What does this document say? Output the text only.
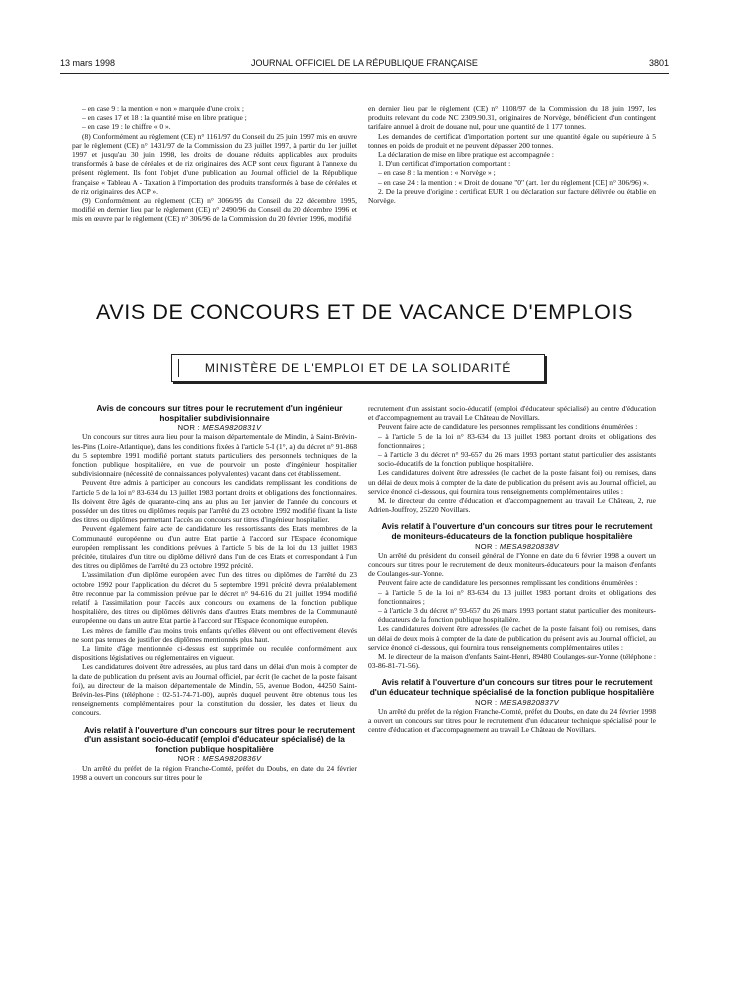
13 mars 1998	JOURNAL OFFICIEL DE LA RÉPUBLIQUE FRANÇAISE	3801

– en case 9 : la mention « non » marquée d'une croix ;

– en cases 17 et 18 : la quantité mise en libre pratique ;

– en case 19 : le chiffre « 0 ».

(8) Conformément au règlement (CE) n° 1161/97 du Conseil du 25 juin 1997 mis en œuvre par le règlement (CE) n° 1431/97 de la Commission du 23 juillet 1997, à partir du 1er juillet 1997 et jusqu'au 30 juin 1998, les droits de douane réduits applicables aux produits transformés à base de céréales et de riz originaires des ACP sont ceux figurant à l'annexe du présent règlement. Ils font l'objet d'une publication au Journal officiel de la République française « Tableau A - Taxation à l'importation des produits transformés à base de céréales et de riz originaires des ACP ».

(9) Conformément au règlement (CE) n° 3066/95 du Conseil du 22 décembre 1995, modifié en dernier lieu par le règlement (CE) n° 2490/96 du Conseil du 20 décembre 1996 et mis en œuvre par le règlement (CE) n° 306/96 de la Commission du 20 février 1996, modifié

en dernier lieu par le règlement (CE) n° 1108/97 de la Commission du 18 juin 1997, les produits relevant du code NC 2309.90.31, originaires de Norvège, bénéficient d'un contingent tarifaire annuel à droit de douane nul, pour une quantité de 1 177 tonnes.

Les demandes de certificat d'importation portent sur une quantité égale ou supérieure à 5 tonnes en poids de produit et ne peuvent dépasser 200 tonnes.

La déclaration de mise en libre pratique est accompagnée :

1. D'un certificat d'importation comportant :

– en case 8 : la mention : « Norvège » ;

– en case 24 : la mention : « Droit de douane "0" (art. 1er du règlement [CE] n° 306/96) ».

2. De la preuve d'origine : certificat EUR 1 ou déclaration sur facture délivrée ou établie en Norvège.

AVIS DE CONCOURS ET DE VACANCE D'EMPLOIS
MINISTÈRE DE L'EMPLOI ET DE LA SOLIDARITÉ

Avis de concours sur titres pour le recrutement d'un ingénieur hospitalier subdivisionnaire

NOR : MESA9820831V

Un concours sur titres aura lieu pour la maison départementale de Mindin, à Saint-Brévin-les-Pins (Loire-Atlantique), dans les conditions fixées à l'article 5-I (1°, a) du décret n° 91-868 du 5 septembre 1991 modifié portant statuts particuliers des personnels techniques de la fonction publique hospitalière, en vue de pourvoir un poste d'ingénieur hospitalier subdivisionnaire (nécessité de connaissances polyvalentes) vacant dans cet établissement.

Peuvent être admis à participer au concours les candidats remplissant les conditions de l'article 5 de la loi n° 83-634 du 13 juillet 1983 portant droits et obligations des fonctionnaires. Ils doivent être âgés de quarante-cinq ans au plus au 1er janvier de l'année du concours et posséder un des titres ou diplômes requis par l'arrêté du 23 octobre 1992 modifié fixant la liste des titres ou diplômes permettant l'accès au concours sur titres d'ingénieur hospitalier.

Peuvent également faire acte de candidature les ressortissants des Etats membres de la Communauté européenne ou d'un autre Etat partie à l'accord sur l'Espace économique européen remplissant les conditions prévues à l'article 5 bis de la loi du 13 juillet 1983 précitée, titulaires d'un titre ou diplôme délivré dans l'un de ces Etats et correspondant à l'un des titres ou diplômes de l'arrêté du 23 octobre 1992 précité.

L'assimilation d'un diplôme européen avec l'un des titres ou diplômes de l'arrêté du 23 octobre 1992 pour l'application du décret du 5 septembre 1991 précité devra préalablement être reconnue par la commission prévue par le décret n° 94-616 du 21 juillet 1994 modifié relatif à l'assimilation pour l'accès aux concours ou examens de la fonction publique hospitalière, des titres ou diplômes délivrés dans d'autres Etats membres de la Communauté européenne ou dans un autre Etat partie à l'accord sur l'Espace économique européen.

Les mères de famille d'au moins trois enfants qu'elles élèvent ou ont effectivement élevés ne sont pas tenues de justifier des diplômes mentionnés plus haut.

La limite d'âge mentionnée ci-dessus est supprimée ou reculée conformément aux dispositions législatives ou réglementaires en vigueur.

Les candidatures doivent être adressées, au plus tard dans un délai d'un mois à compter de la date de publication du présent avis au Journal officiel, par écrit (le cachet de la poste faisant foi), au directeur de la maison départementale de Mindin, 55, avenue Bodon, 44250 Saint-Brévin-les-Pins (téléphone : 02-51-74-71-00), auprès duquel peuvent être obtenus tous les renseignements complémentaires pour la constitution du dossier, les dates et lieux du concours.

Avis relatif à l'ouverture d'un concours sur titres pour le recrutement d'un assistant socio-éducatif (emploi d'éducateur spécialisé) de la fonction publique hospitalière

NOR : MESA9820836V

Un arrêté du préfet de la région Franche-Comté, préfet du Doubs, en date du 24 février 1998 a ouvert un concours sur titres pour le

recrutement d'un assistant socio-éducatif (emploi d'éducateur spécialisé) au centre d'éducation et d'accompagnement au travail Le Château de Novillars.

Peuvent faire acte de candidature les personnes remplissant les conditions énumérées :

– à l'article 5 de la loi n° 83-634 du 13 juillet 1983 portant droits et obligations des fonctionnaires ;

– à l'article 3 du décret n° 93-657 du 26 mars 1993 portant statut particulier des assistants socio-éducatifs de la fonction publique hospitalière.

Les candidatures doivent être adressées (le cachet de la poste faisant foi) ou remises, dans un délai de deux mois à compter de la date de publication du présent avis au Journal officiel, au service énoncé ci-dessous, qui fournira tous renseignements complémentaires utiles :

M. le directeur du centre d'éducation et d'accompagnement au travail Le Château, 2, rue Adrien-Jouffroy, 25220 Novillars.

Avis relatif à l'ouverture d'un concours sur titres pour le recrutement de moniteurs-éducateurs de la fonction publique hospitalière

NOR : MESA9820838V

Un arrêté du président du conseil général de l'Yonne en date du 6 février 1998 a ouvert un concours sur titres pour le recrutement de deux moniteurs-éducateurs pour la maison d'enfants de Coulanges-sur-Yonne.

Peuvent faire acte de candidature les personnes remplissant les conditions énumérées :

– à l'article 5 de la loi n° 83-634 du 13 juillet 1983 portant droits et obligations des fonctionnaires ;

– à l'article 3 du décret n° 93-657 du 26 mars 1993 portant statut particulier des moniteurs-éducateurs de la fonction publique hospitalière.

Les candidatures doivent être adressées (le cachet de la poste faisant foi) ou remises, dans un délai de deux mois à compter de la date de publication du présent avis au Journal officiel, au service énoncé ci-dessous, qui fournira tous renseignements complémentaires utiles :

M. le directeur de la maison d'enfants Saint-Henri, 89480 Coulanges-sur-Yonne (téléphone : 03-86-81-71-56).

Avis relatif à l'ouverture d'un concours sur titres pour le recrutement d'un éducateur technique spécialisé de la fonction publique hospitalière

NOR : MESA9820837V

Un arrêté du préfet de la région Franche-Comté, préfet du Doubs, en date du 24 février 1998 a ouvert un concours sur titres pour le recrutement d'un éducateur technique spécialisé pour le centre d'éducation et d'accompagnement au travail Le Château de Novillars.
